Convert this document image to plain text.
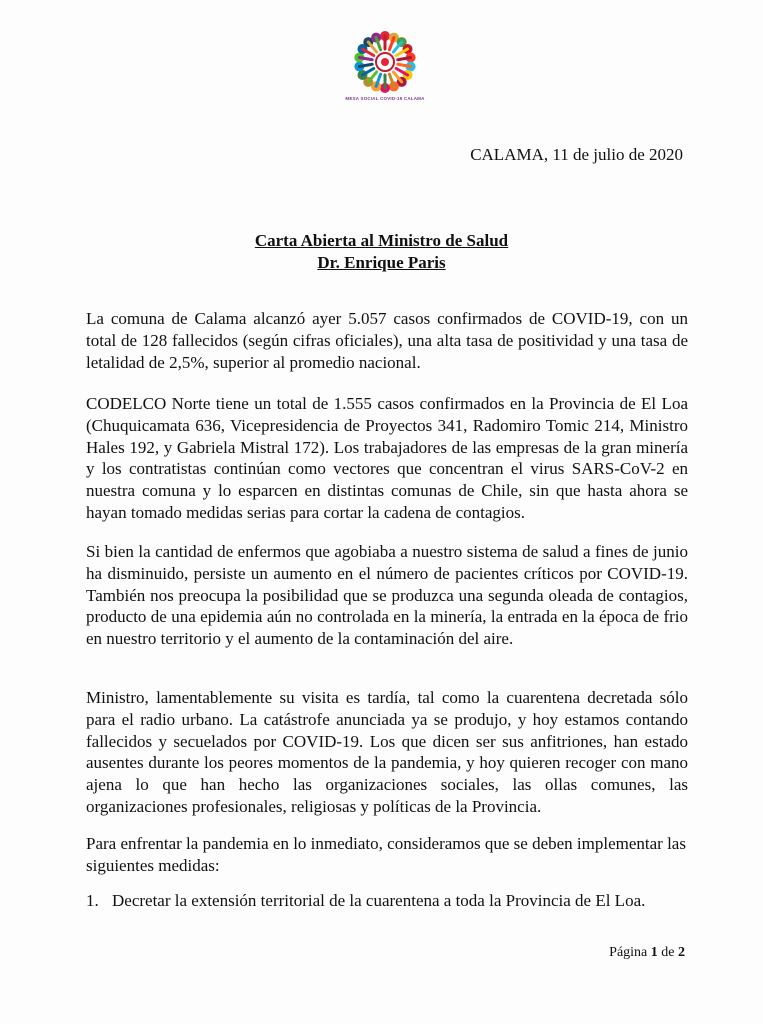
MESA SOCIAL COVID-19 CALAMA
CALAMA, 11 de julio de 2020
Carta Abierta al Ministro de Salud
Dr. Enrique Paris

La comuna de Calama alcanzó ayer 5.057 casos confirmados de COVID-19, con un total de 128 fallecidos (según cifras oficiales), una alta tasa de positividad y una tasa de letalidad de 2,5%, superior al promedio nacional.

CODELCO Norte tiene un total de 1.555 casos confirmados en la Provincia de El Loa (Chuquicamata 636, Vicepresidencia de Proyectos 341, Radomiro Tomic 214, Ministro Hales 192, y Gabriela Mistral 172). Los trabajadores de las empresas de la gran minería y los contratistas continúan como vectores que concentran el virus SARS-CoV-2 en nuestra comuna y lo esparcen en distintas comunas de Chile, sin que hasta ahora se hayan tomado medidas serias para cortar la cadena de contagios.

Si bien la cantidad de enfermos que agobiaba a nuestro sistema de salud a fines de junio ha disminuido, persiste un aumento en el número de pacientes críticos por COVID-19. También nos preocupa la posibilidad que se produzca una segunda oleada de contagios, producto de una epidemia aún no controlada en la minería, la entrada en la época de frio en nuestro territorio y el aumento de la contaminación del aire.

Ministro, lamentablemente su visita es tardía, tal como la cuarentena decretada sólo para el radio urbano. La catástrofe anunciada ya se produjo, y hoy estamos contando fallecidos y secuelados por COVID-19. Los que dicen ser sus anfitriones, han estado ausentes durante los peores momentos de la pandemia, y hoy quieren recoger con mano ajena lo que han hecho las organizaciones sociales, las ollas comunes, las organizaciones profesionales, religiosas y políticas de la Provincia.

Para enfrentar la pandemia en lo inmediato, consideramos que se deben implementar las siguientes medidas:

1. Decretar la extensión territorial de la cuarentena a toda la Provincia de El Loa.
Página 1 de 2
